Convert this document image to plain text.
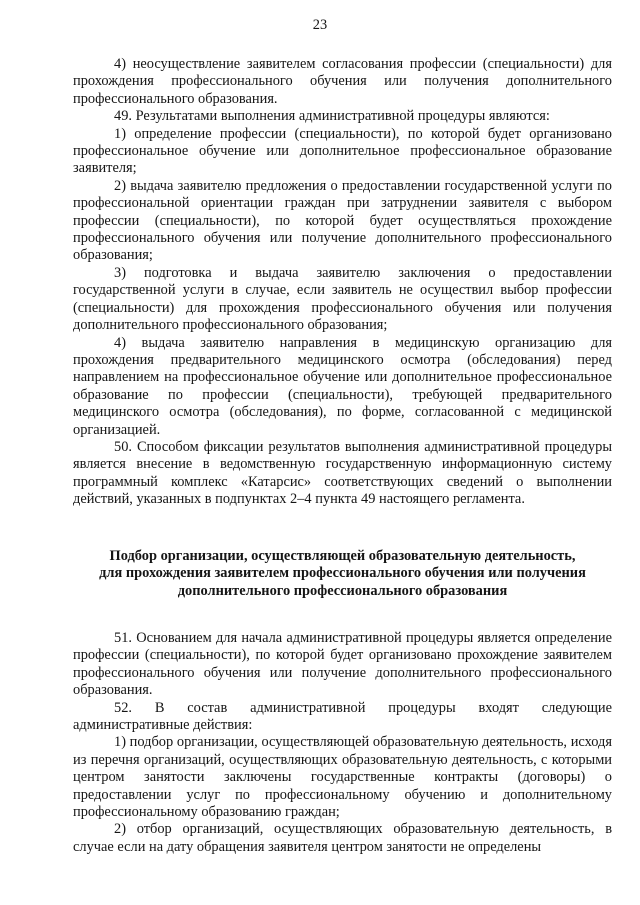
23

4) неосуществление заявителем согласования профессии (специальности) для прохождения профессионального обучения или получения дополнительного профессионального образования.

49. Результатами выполнения административной процедуры являются:

1) определение профессии (специальности), по которой будет организовано профессиональное обучение или дополнительное профессиональное образование заявителя;

2) выдача заявителю предложения о предоставлении государственной услуги по профессиональной ориентации граждан при затруднении заявителя с выбором профессии (специальности), по которой будет осуществляться прохождение профессионального обучения или получение дополнительного профессионального образования;

3) подготовка и выдача заявителю заключения о предоставлении государственной услуги в случае, если заявитель не осуществил выбор профессии (специальности) для прохождения профессионального обучения или получения дополнительного профессионального образования;

4) выдача заявителю направления в медицинскую организацию для прохождения предварительного медицинского осмотра (обследования) перед направлением на профессиональное обучение или дополнительное профессиональное образование по профессии (специальности), требующей предварительного медицинского осмотра (обследования), по форме, согласованной с медицинской организацией.

50. Способом фиксации результатов выполнения административной процедуры является внесение в ведомственную государственную информационную систему программный комплекс «Катарсис» соответствующих сведений о выполнении действий, указанных в подпунктах 2–4 пункта 49 настоящего регламента.

Подбор организации, осуществляющей образовательную деятельность,

для прохождения заявителем профессионального обучения или получения

дополнительного профессионального образования

51. Основанием для начала административной процедуры является определение профессии (специальности), по которой будет организовано прохождение заявителем профессионального обучения или получение дополнительного профессионального образования.

52. В состав административной процедуры входят следующие административные действия:

1) подбор организации, осуществляющей образовательную деятельность, исходя из перечня организаций, осуществляющих образовательную деятельность, с которыми центром занятости заключены государственные контракты (договоры) о предоставлении услуг по профессиональному обучению и дополнительному профессиональному образованию граждан;

2) отбор организаций, осуществляющих образовательную деятельность, в случае если на дату обращения заявителя центром занятости не определены
